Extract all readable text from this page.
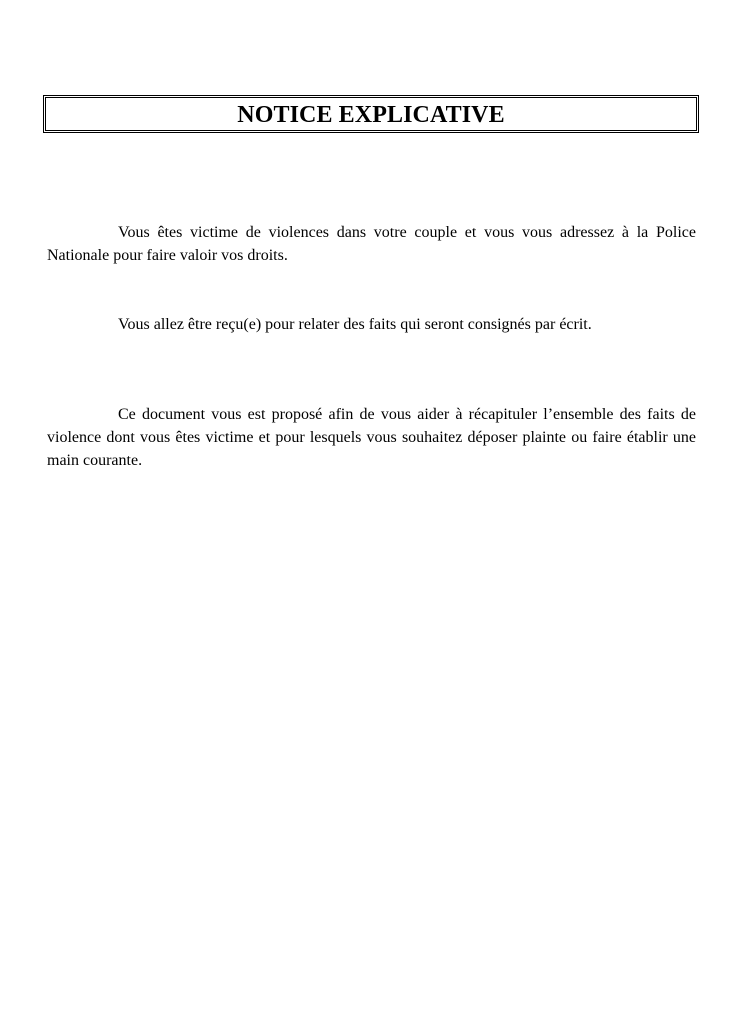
NOTICE EXPLICATIVE

Vous êtes victime de violences dans votre couple et vous vous adressez à la Police Nationale pour faire valoir vos droits.

Vous allez être reçu(e) pour relater des faits qui seront consignés par écrit.

Ce document vous est proposé afin de vous aider à récapituler l’ensemble des faits de violence dont vous êtes victime et pour lesquels vous souhaitez déposer plainte ou faire établir une main courante.
